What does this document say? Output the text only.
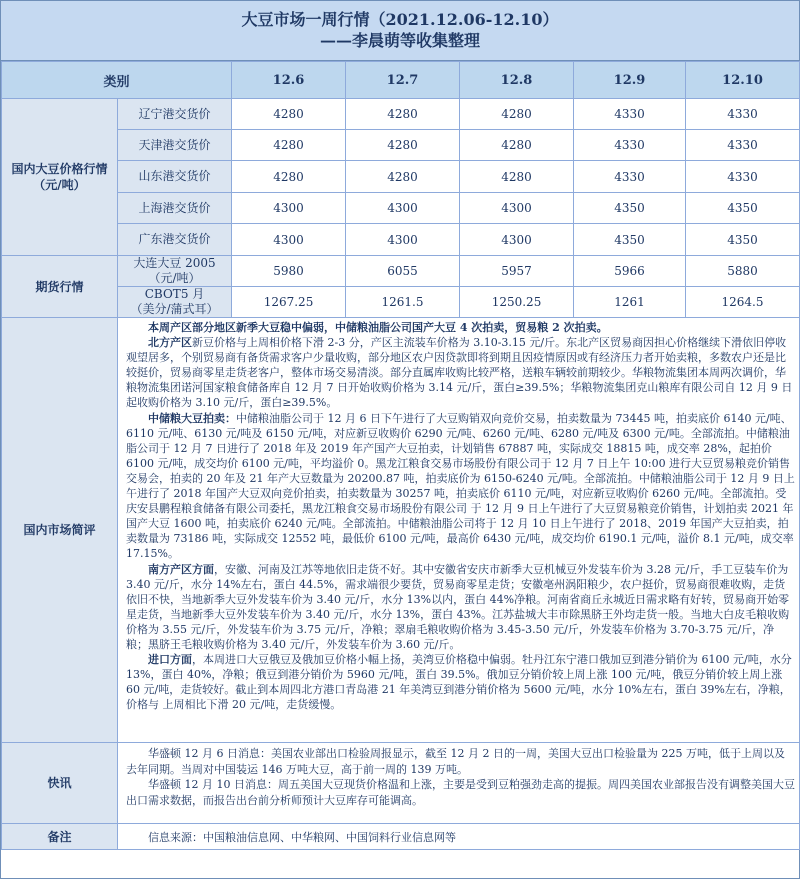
大豆市场一周行情（2021.12.06-12.10）
——李晨萌等收集整理
类别		12.6	12.7	12.8	12.9	12.10
国内大豆价格行情（元/吨）	辽宁港交货价	4280	4280	4280	4330	4330
	天津港交货价	4280	4280	4280	4330	4330
	山东港交货价	4280	4280	4280	4330	4330
	上海港交货价	4300	4300	4300	4350	4350
	广东港交货价	4300	4300	4300	4350	4350
期货行情	大连大豆 2005
（元/吨）	5980	6055	5957	5966	5880

	CBOT5 月
（美分/蒲式耳）	1267.25	1261.5	1250.25	1261	1264.5
国内市场简评	本周产区部分地区新季大豆稳中偏弱，中储粮油脂公司国产大豆 4 次拍卖，贸易粮 2 次拍卖。

北方产区新豆价格与上周相价格下滑 2-3 分，产区主流装车价格为 3.10-3.15 元/斤。东北产区贸易商因担心价格继续下滑依旧停收观望居多，个别贸易商有备货需求客户少量收购，部分地区农户因贷款即将到期且因疫情原因或有经济压力者开始卖粮，多数农户还是比较挺价，贸易商零星走货老客户，整体市场交易清淡。部分直属库收购比较严格，送粮车辆较前期较少。华粮物流集团本周两次调价，华粮物流集团诺河国家粮食储备库自 12 月 7 日开始收购价格为 3.14 元/斤，蛋白≥39.5%；华粮物流集团克山粮库有限公司自 12 月 9 日起收购价格为 3.10 元/斤，蛋白≥39.5%。

中储粮大豆拍卖：中储粮油脂公司于 12 月 6 日下午进行了大豆购销双向竞价交易，拍卖数量为 73445 吨，拍卖底价 6140 元/吨、6110 元/吨、6130 元/吨及 6150 元/吨，对应新豆收购价 6290 元/吨、6260 元/吨、6280 元/吨及 6300 元/吨。全部流拍。中储粮油脂公司于 12 月 7 日进行了 2018 年及 2019 年产国产大豆拍卖，计划销售 67887 吨，实际成交 18815 吨，成交率 28%，起拍价 6100 元/吨，成交均价 6100 元/吨，平均溢价 0。黑龙江粮食交易市场股份有限公司于 12 月 7 日上午 10:00 进行大豆贸易粮竞价销售交易会，拍卖的 20 年及 21 年产大豆数量为 20200.87 吨，拍卖底价为 6150-6240 元/吨。全部流拍。中储粮油脂公司于 12 月 9 日上午进行了 2018 年国产大豆双向竞价拍卖，拍卖数量为 30257 吨，拍卖底价 6110 元/吨，对应新豆收购价 6260 元/吨。全部流拍。受庆安县鹏程粮食储备有限公司委托，黑龙江粮食交易市场股份有限公司 于 12 月 9 日上午进行了大豆贸易粮竞价销售，计划拍卖 2021 年国产大豆 1600 吨，拍卖底价 6240 元/吨。全部流拍。中储粮油脂公司将于 12 月 10 日上午进行了 2018、2019 年国产大豆拍卖，拍卖数量为 73186 吨，实际成交 12552 吨，最低价 6100 元/吨，最高价 6430 元/吨，成交均价 6190.1 元/吨，溢价 8.1 元/吨，成交率 17.15%。

南方产区方面，安徽、河南及江苏等地依旧走货不好。其中安徽省安庆市新季大豆机械豆外发装车价为 3.28 元/斤，手工豆装车价为 3.40 元/斤，水分 14%左右，蛋白 44.5%，需求端很少要货，贸易商零星走货；安徽亳州涡阳粮少，农户挺价，贸易商很难收购，走货依旧不快，当地新季大豆外发装车价为 3.40 元/斤，水分 13%以内，蛋白 44%净粮。河南省商丘永城近日需求略有好转，贸易商开始零星走货，当地新季大豆外发装车价为 3.40 元/斤，水分 13%，蛋白 43%。江苏盐城大丰市除黑脐王外均走货一般。当地大白皮毛粮收购价格为 3.55 元/斤，外发装车价为 3.75 元/斤，净粮；翠扇毛粮收购价格为 3.45-3.50 元/斤，外发装车价格为 3.70-3.75 元/斤，净粮；黑脐王毛粮收购价格为 3.40 元/斤，外发装车价为 3.60 元/斤。

进口方面，本周进口大豆俄豆及俄加豆价格小幅上扬，美湾豆价格稳中偏弱。牡丹江东宁港口俄加豆到港分销价为 6100 元/吨，水分 13%，蛋白 40%，净粮；俄豆到港分销价为 5960 元/吨，蛋白 39.5%。俄加豆分销价较上周上涨 100 元/吨，俄豆分销价较上周上涨 60 元/吨，走货较好。截止到本周四北方港口青岛港 21 年美湾豆到港分销价格为 5600 元/吨，水分 10%左右，蛋白 39%左右，净粮，价格与 上周相比下滑 20 元/吨，走货缓慢。					

快讯	华盛顿 12 月 6 日消息：美国农业部出口检验周报显示，截至 12 月 2 日的一周，美国大豆出口检验量为 225 万吨，低于上周以及去年同期。当周对中国装运 146 万吨大豆，高于前一周的 139 万吨。

华盛顿 12 月 10 日消息：周五美国大豆现货价格温和上涨，主要是受到豆粕强劲走高的提振。周四美国农业部报告没有调整美国大豆出口需求数据，而报告出台前分析师预计大豆库存可能调高。					

备注	信息来源：中国粮油信息网、中华粮网、中国饲料行业信息网等					
